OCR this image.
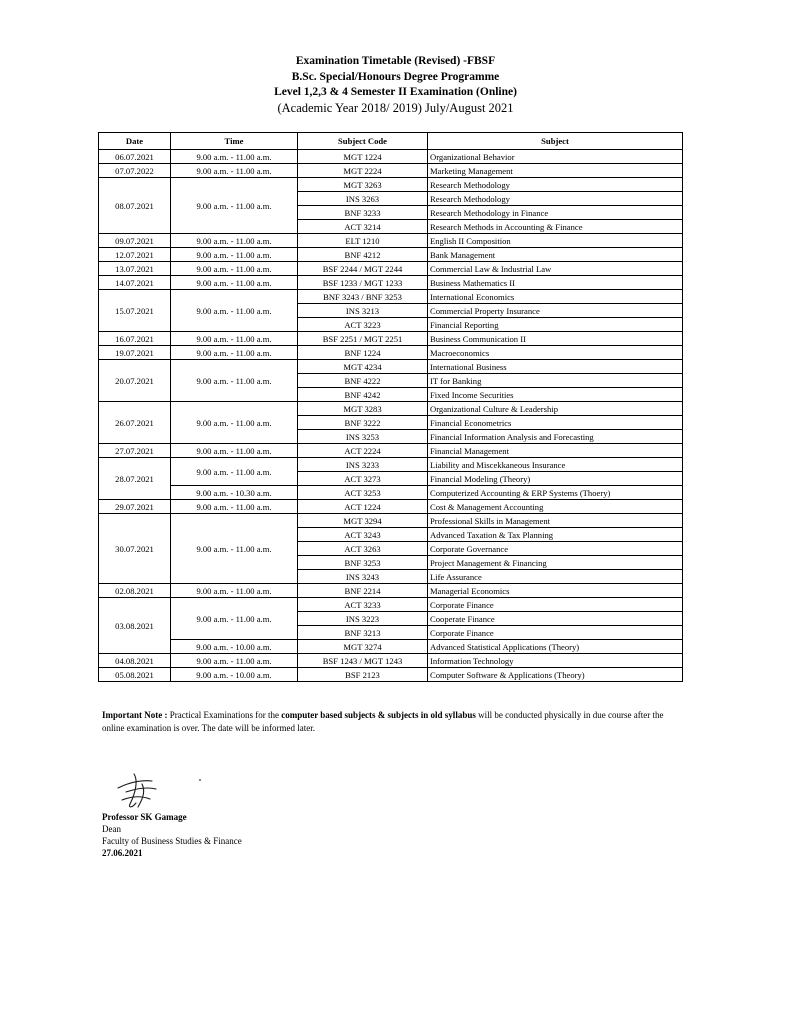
Examination Timetable (Revised) -FBSF
B.Sc. Special/Honours Degree Programme
Level 1,2,3 & 4 Semester II Examination (Online)
(Academic Year 2018/ 2019) July/August 2021
Date	Time	Subject Code	Subject
06.07.2021	9.00 a.m. - 11.00 a.m.	MGT 1224	Organizational Behavior
07.07.2022	9.00 a.m. - 11.00 a.m.	MGT 2224	Marketing Management
08.07.2021	9.00 a.m. - 11.00 a.m.	MGT 3263	Research Methodology
		INS 3263	Research Methodology
		BNF 3233	Research Methodology in Finance
		ACT 3214	Research Methods in Accounting & Finance
09.07.2021	9.00 a.m. - 11.00 a.m.	ELT 1210	English II Composition
12.07.2021	9.00 a.m. - 11.00 a.m.	BNF 4212	Bank Management
13.07.2021	9.00 a.m. - 11.00 a.m.	BSF 2244 / MGT 2244	Commercial Law & Industrial Law
14.07.2021	9.00 a.m. - 11.00 a.m.	BSF 1233 / MGT 1233	Business Mathematics II
15.07.2021	9.00 a.m. - 11.00 a.m.	BNF 3243 / BNF 3253	International Economics
		INS 3213	Commercial Property Insurance
		ACT 3223	Financial Reporting
16.07.2021	9.00 a.m. - 11.00 a.m.	BSF 2251 / MGT 2251	Business Communication II
19.07.2021	9.00 a.m. - 11.00 a.m.	BNF 1224	Macroeconomics
20.07.2021	9.00 a.m. - 11.00 a.m.	MGT 4234	International Business
		BNF 4222	IT for Banking
		BNF 4242	Fixed Income Securities
26.07.2021	9.00 a.m. - 11.00 a.m.	MGT 3283	Organizational Culture & Leadership
		BNF 3222	Financial Econometrics
		INS 3253	Financial Information Analysis and Forecasting
27.07.2021	9.00 a.m. - 11.00 a.m.	ACT 2224	Financial Management
28.07.2021	9.00 a.m. - 11.00 a.m.	INS 3233	Liability and Miscekkaneous Insurance
		ACT 3273	Financial Modeling (Theory)
	9.00 a.m. - 10.30 a.m.	ACT 3253	Computerized Accounting & ERP Systems (Thoery)
29.07.2021	9.00 a.m. - 11.00 a.m.	ACT 1224	Cost & Management Accounting
30.07.2021	9.00 a.m. - 11.00 a.m.	MGT 3294	Professional Skills in Management
		ACT 3243	Advanced Taxation & Tax Planning
		ACT 3263	Corporate Governance
		BNF 3253	Project Management & Financing
		INS 3243	Life Assurance
02.08.2021	9.00 a.m. - 11.00 a.m.	BNF 2214	Managerial Economics
03.08.2021	9.00 a.m. - 11.00 a.m.	ACT 3233	Corporate Finance
		INS 3223	Cooperate Finance
		BNF 3213	Corporate Finance
	9.00 a.m. - 10.00 a.m.	MGT 3274	Advanced Statistical Applications (Theory)
04.08.2021	9.00 a.m. - 11.00 a.m.	BSF 1243 / MGT 1243	Information Technology
05.08.2021	9.00 a.m. - 10.00 a.m.	BSF 2123	Computer Software & Applications (Theory)
Important Note : Practical Examinations for the computer based subjects & subjects in old syllabus will be conducted physically in due course after the online examination is over. The date will be informed later.
Professor SK Gamage
Dean
Faculty of Business Studies & Finance
27.06.2021
